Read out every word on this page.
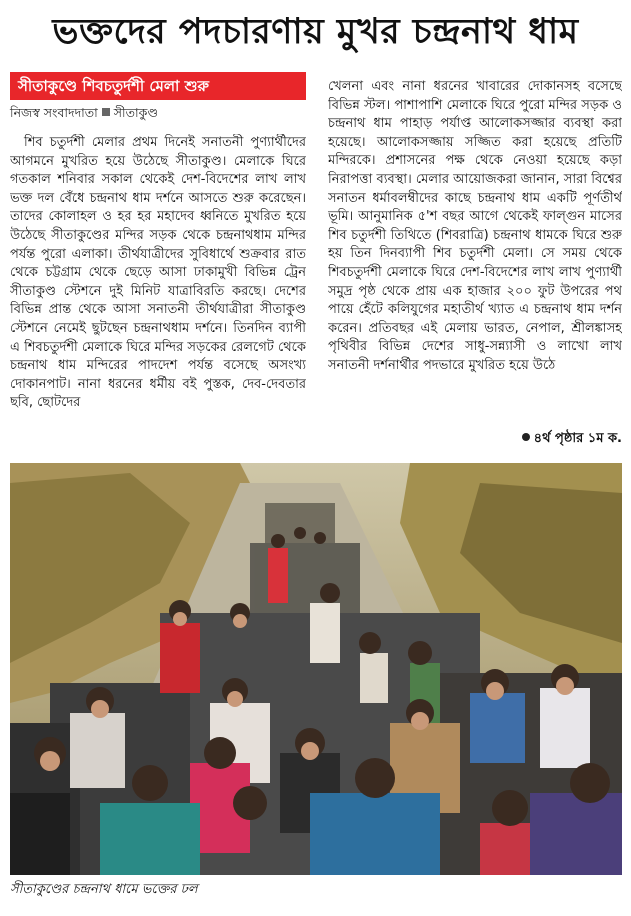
ভক্তদের পদচারণায় মুখর চন্দ্রনাথ ধাম
সীতাকুণ্ডে শিবচতুর্দশী মেলা শুরু
নিজস্ব সংবাদদাতা সীতাকুণ্ড
শিব চতুর্দশী মেলার প্রথম দিনেই সনাতনী পুণ্যার্থীদের আগমনে মুখরিত হয়ে উঠেছে সীতাকুণ্ড। মেলাকে ঘিরে গতকাল শনিবার সকাল থেকেই দেশ-বিদেশের লাখ লাখ ভক্ত দল বেঁধে চন্দ্রনাথ ধাম দর্শনে আসতে শুরু করেছেন। তাদের কোলাহল ও হর হর মহাদেব ধ্বনিতে মুখরিত হয়ে উঠেছে সীতাকুণ্ডের মন্দির সড়ক থেকে চন্দ্রনাথধাম মন্দির পর্যন্ত পুরো এলাকা। তীর্থযাত্রীদের সুবিধার্থে শুক্রবার রাত থেকে চট্টগ্রাম থেকে ছেড়ে আসা ঢাকামুখী বিভিন্ন ট্রেন সীতাকুণ্ড স্টেশনে দুই মিনিট যাত্রাবিরতি করছে। দেশের বিভিন্ন প্রান্ত থেকে আসা সনাতনী তীর্থযাত্রীরা সীতাকুণ্ড স্টেশনে নেমেই ছুটছেন চন্দ্রনাথধাম দর্শনে। তিনদিন ব্যাপী এ শিবচতুর্দশী মেলাকে ঘিরে মন্দির সড়কের রেলগেট থেকে চন্দ্রনাথ ধাম মন্দিরের পাদদেশ পর্যন্ত বসেছে অসংখ্য দোকানপাট। নানা ধরনের ধর্মীয় বই পুস্তক, দেব-দেবতার ছবি, ছোটদের
খেলনা এবং নানা ধরনের খাবারের দোকানসহ বসেছে বিভিন্ন স্টল। পাশাপাশি মেলাকে ঘিরে পুরো মন্দির সড়ক ও চন্দ্রনাথ ধাম পাহাড় পর্যাপ্ত আলোকসজ্জার ব্যবস্থা করা হয়েছে। আলোকসজ্জায় সজ্জিত করা হয়েছে প্রতিটি মন্দিরকে। প্রশাসনের পক্ষ থেকে নেওয়া হয়েছে কড়া নিরাপত্তা ব্যবস্থা। মেলার আয়োজকরা জানান, সারা বিশ্বের সনাতন ধর্মাবলম্বীদের কাছে চন্দ্রনাথ ধাম একটি পূর্ণতীর্থ ভূমি। আনুমানিক ৫'শ বছর আগে থেকেই ফাল্গুন মাসের শিব চতুর্দশী তিথিতে (শিবরাত্রি) চন্দ্রনাথ ধামকে ঘিরে শুরু হয় তিন দিনব্যাপী শিব চতুর্দশী মেলা। সে সময় থেকে শিবচতুর্দশী মেলাকে ঘিরে দেশ-বিদেশের লাখ লাখ পুণ্যার্থী সমুদ্র পৃষ্ঠ থেকে প্রায় এক হাজার ২০০ ফুট উপরের পথ পায়ে হেঁটে কলিযুগের মহাতীর্থ খ্যাত এ চন্দ্রনাথ ধাম দর্শন করেন। প্রতিবছর এই মেলায় ভারত, নেপাল, শ্রীলঙ্কাসহ পৃথিবীর বিভিন্ন দেশের সাধু-সন্ন্যাসী ও লাখো লাখ সনাতনী দর্শনার্থীর পদভারে মুখরিত হয়ে উঠে
৪র্থ পৃষ্ঠার ১ম ক.
সীতাকুণ্ডের চন্দ্রনাথ ধামে ভক্তের ঢল
